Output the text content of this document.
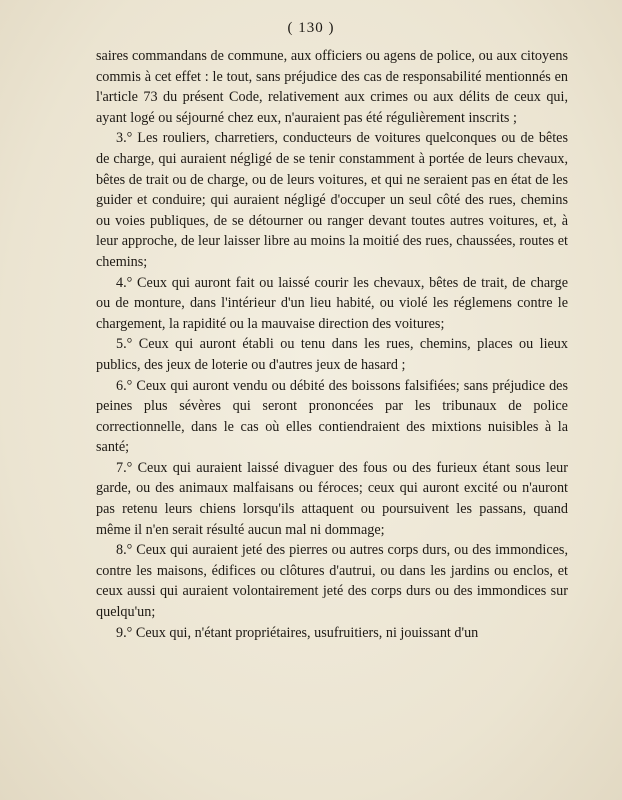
( 130 )

saires commandans de commune, aux officiers ou agens de police, ou aux citoyens commis à cet effet : le tout, sans préjudice des cas de responsabilité mentionnés en l'article 73 du présent Code, relativement aux crimes ou aux délits de ceux qui, ayant logé ou séjourné chez eux, n'auraient pas été régulièrement inscrits ;

3.° Les rouliers, charretiers, conducteurs de voitures quelconques ou de bêtes de charge, qui auraient négligé de se tenir constamment à portée de leurs chevaux, bêtes de trait ou de charge, ou de leurs voitures, et qui ne seraient pas en état de les guider et conduire; qui auraient négligé d'occuper un seul côté des rues, chemins ou voies publiques, de se détourner ou ranger devant toutes autres voitures, et, à leur approche, de leur laisser libre au moins la moitié des rues, chaussées, routes et chemins;

4.° Ceux qui auront fait ou laissé courir les chevaux, bêtes de trait, de charge ou de monture, dans l'intérieur d'un lieu habité, ou violé les réglemens contre le chargement, la rapidité ou la mauvaise direction des voitures;

5.° Ceux qui auront établi ou tenu dans les rues, chemins, places ou lieux publics, des jeux de loterie ou d'autres jeux de hasard ;

6.° Ceux qui auront vendu ou débité des boissons falsifiées; sans préjudice des peines plus sévères qui seront prononcées par les tribunaux de police correctionnelle, dans le cas où elles contiendraient des mixtions nuisibles à la santé;

7.° Ceux qui auraient laissé divaguer des fous ou des furieux étant sous leur garde, ou des animaux malfaisans ou féroces; ceux qui auront excité ou n'auront pas retenu leurs chiens lorsqu'ils attaquent ou poursuivent les passans, quand même il n'en serait résulté aucun mal ni dommage;

8.° Ceux qui auraient jeté des pierres ou autres corps durs, ou des immondices, contre les maisons, édifices ou clôtures d'autrui, ou dans les jardins ou enclos, et ceux aussi qui auraient volontairement jeté des corps durs ou des immondices sur quelqu'un;

9.° Ceux qui, n'étant propriétaires, usufruitiers, ni jouissant d'un
